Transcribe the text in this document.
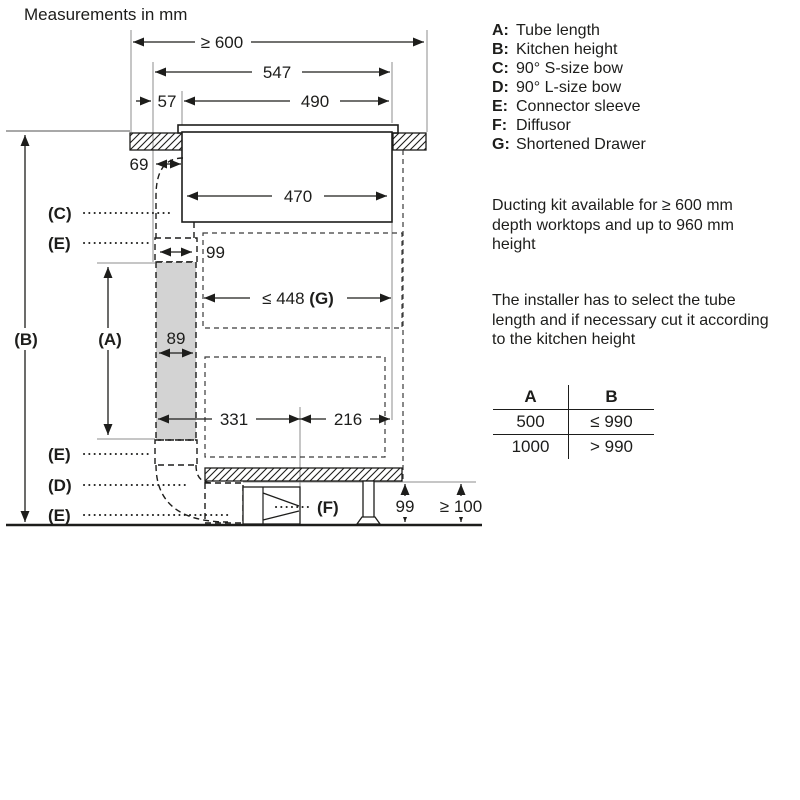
Measurements in mm
A: Tube length
B: Kitchen height
C: 90° S-size bow
D: 90° L-size bow
E: Connector sleeve
F: Diffusor
G: Shortened Drawer
Ducting kit available for ≥ 600 mm depth worktops and up to 960 mm height
The installer has to select the tube length and if necessary cut it according to the kitchen height
A	B
500	≤ 990
1000	> 990
≥ 600
547
57	490
69
470
99
≤ 448 (G)
89
331	216
99 ≥ 100
(B)	(A)
(C)
(E)
(E)
(D)
(E)	(F)
